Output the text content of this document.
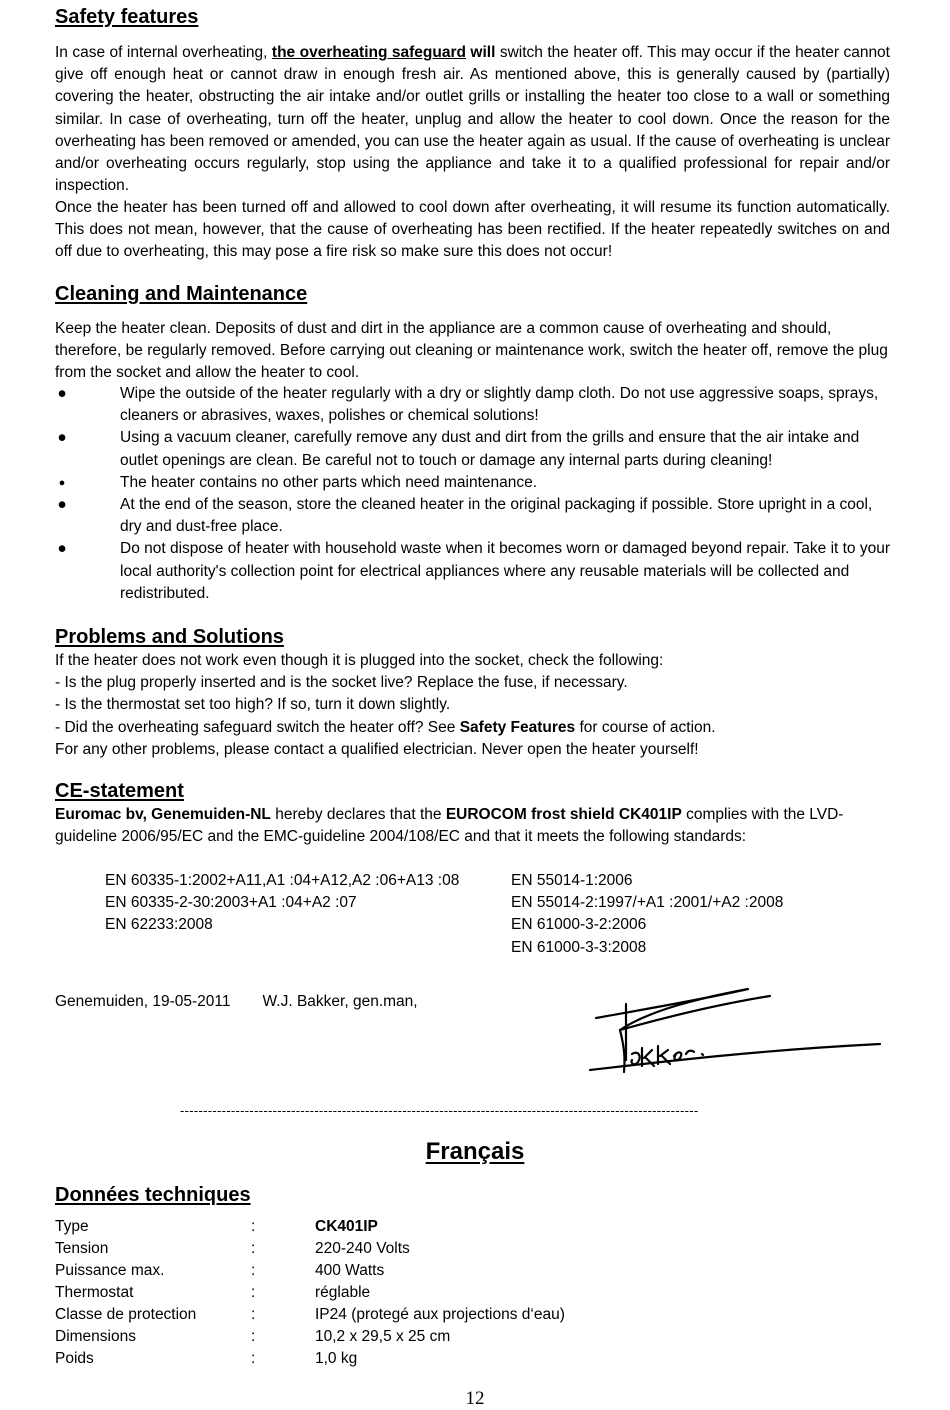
Safety features

In case of internal overheating, the overheating safeguard will switch the heater off. This may occur if the heater cannot give off enough heat or cannot draw in enough fresh air. As mentioned above, this is generally caused by (partially) covering the heater, obstructing the air intake and/or outlet grills or installing the heater too close to a wall or something similar. In case of overheating, turn off the heater, unplug and allow the heater to cool down. Once the reason for the overheating has been removed or amended, you can use the heater again as usual. If the cause of overheating is unclear and/or overheating occurs regularly, stop using the appliance and take it to a qualified professional for repair and/or inspection.

Once the heater has been turned off and allowed to cool down after overheating, it will resume its function automatically. This does not mean, however, that the cause of overheating has been rectified. If the heater repeatedly switches on and off due to overheating, this may pose a fire risk so make sure this does not occur!

Cleaning and Maintenance

Keep the heater clean. Deposits of dust and dirt in the appliance are a common cause of overheating and should, therefore, be regularly removed. Before carrying out cleaning or maintenance work, switch the heater off, remove the plug from the socket and allow the heater to cool.

●	Wipe the outside of the heater regularly with a dry or slightly damp cloth. Do not use aggressive soaps, sprays, cleaners or abrasives, waxes, polishes or chemical solutions!
●	Using a vacuum cleaner, carefully remove any dust and dirt from the grills and ensure that the air intake and outlet openings are clean. Be careful not to touch or damage any internal parts during cleaning!
●	The heater contains no other parts which need maintenance.
●	At the end of the season, store the cleaned heater in the original packaging if possible. Store upright in a cool, dry and dust-free place.
●	Do not dispose of heater with household waste when it becomes worn or damaged beyond repair. Take it to your local authority's collection point for electrical appliances where any reusable materials will be collected and redistributed.
Problems and Solutions
If the heater does not work even though it is plugged into the socket, check the following:
- Is the plug properly inserted and is the socket live? Replace the fuse, if necessary.
- Is the thermostat set too high? If so, turn it down slightly.
- Did the overheating safeguard switch the heater off? See Safety Features for course of action.
For any other problems, please contact a qualified electrician. Never open the heater yourself!
CE-statement

Euromac bv, Genemuiden-NL hereby declares that the EUROCOM frost shield CK401IP complies with the LVD-guideline 2006/95/EC and the EMC-guideline 2004/108/EC and that it meets the following standards:

EN 60335-1:2002+A11,A1 :04+A12,A2 :06+A13 :08
EN 60335-2-30:2003+A1 :04+A2 :07
EN 62233:2008
EN 55014-1:2006
EN 55014-2:1997/+A1 :2001/+A2 :2008
EN 61000-3-2:2006
EN 61000-3-3:2008
Genemuiden, 19-05-2011 W.J. Bakker, gen.man,
----------------------------------------------------------------------------------------------------------------
Français
Données techniques
Type	:	CK401IP
Tension	:	220-240 Volts
Puissance max.	:	400 Watts
Thermostat	:	réglable
Classe de protection	:	IP24 (protegé aux projections d‘eau)
Dimensions	:	10,2 x 29,5 x 25 cm
Poids	:	1,0 kg
12
